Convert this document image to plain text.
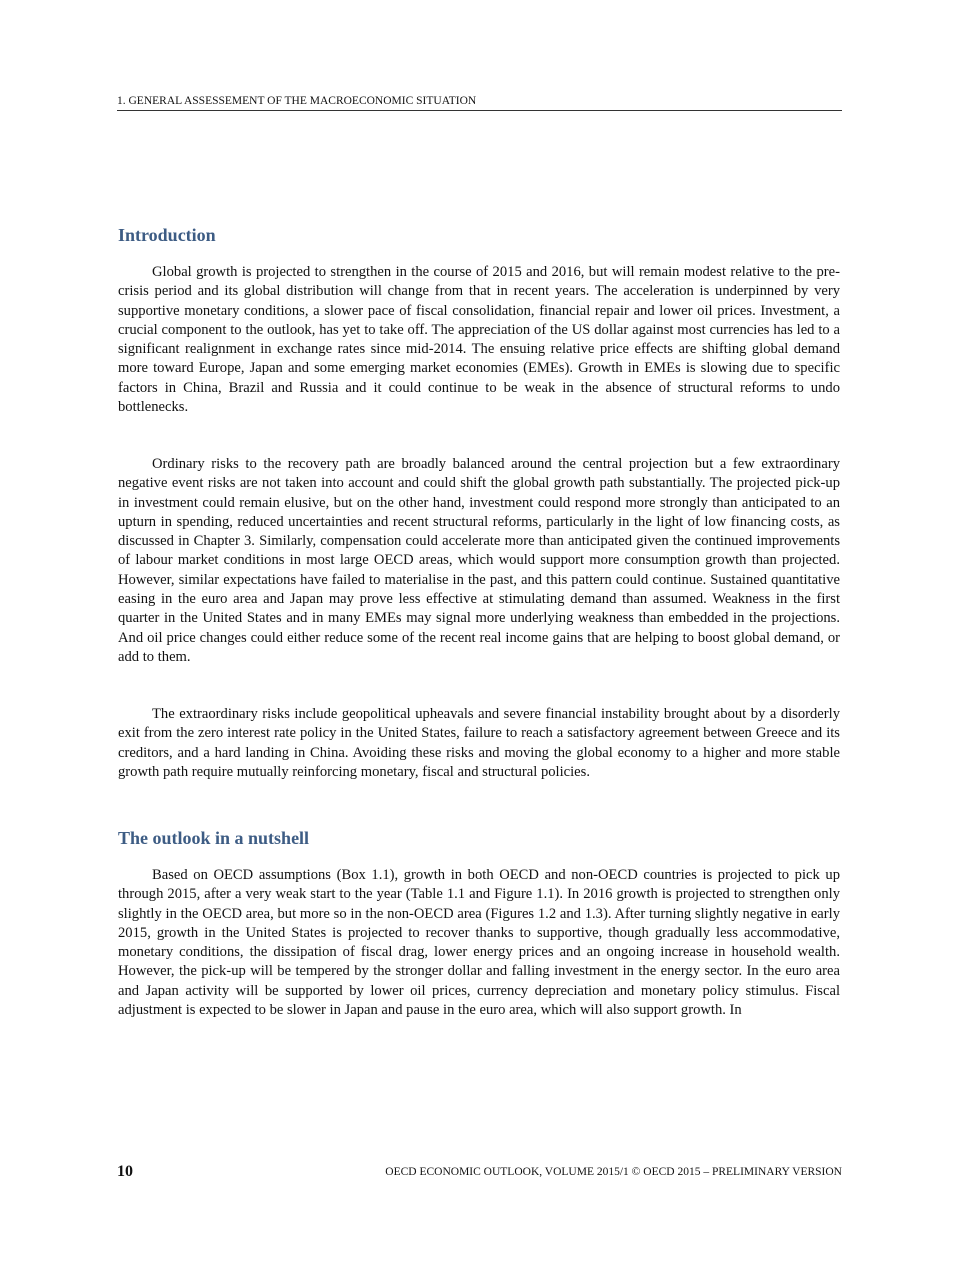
1. GENERAL ASSESSEMENT OF THE MACROECONOMIC SITUATION
Introduction

Global growth is projected to strengthen in the course of 2015 and 2016, but will remain modest relative to the pre-crisis period and its global distribution will change from that in recent years. The acceleration is underpinned by very supportive monetary conditions, a slower pace of fiscal consolidation, financial repair and lower oil prices. Investment, a crucial component to the outlook, has yet to take off. The appreciation of the US dollar against most currencies has led to a significant realignment in exchange rates since mid-2014. The ensuing relative price effects are shifting global demand more toward Europe, Japan and some emerging market economies (EMEs). Growth in EMEs is slowing due to specific factors in China, Brazil and Russia and it could continue to be weak in the absence of structural reforms to undo bottlenecks.

Ordinary risks to the recovery path are broadly balanced around the central projection but a few extraordinary negative event risks are not taken into account and could shift the global growth path substantially. The projected pick-up in investment could remain elusive, but on the other hand, investment could respond more strongly than anticipated to an upturn in spending, reduced uncertainties and recent structural reforms, particularly in the light of low financing costs, as discussed in Chapter 3. Similarly, compensation could accelerate more than anticipated given the continued improvements of labour market conditions in most large OECD areas, which would support more consumption growth than projected. However, similar expectations have failed to materialise in the past, and this pattern could continue. Sustained quantitative easing in the euro area and Japan may prove less effective at stimulating demand than assumed. Weakness in the first quarter in the United States and in many EMEs may signal more underlying weakness than embedded in the projections. And oil price changes could either reduce some of the recent real income gains that are helping to boost global demand, or add to them.

The extraordinary risks include geopolitical upheavals and severe financial instability brought about by a disorderly exit from the zero interest rate policy in the United States, failure to reach a satisfactory agreement between Greece and its creditors, and a hard landing in China. Avoiding these risks and moving the global economy to a higher and more stable growth path require mutually reinforcing monetary, fiscal and structural policies.

The outlook in a nutshell

Based on OECD assumptions (Box 1.1), growth in both OECD and non-OECD countries is projected to pick up through 2015, after a very weak start to the year (Table 1.1 and Figure 1.1). In 2016 growth is projected to strengthen only slightly in the OECD area, but more so in the non-OECD area (Figures 1.2 and 1.3). After turning slightly negative in early 2015, growth in the United States is projected to recover thanks to supportive, though gradually less accommodative, monetary conditions, the dissipation of fiscal drag, lower energy prices and an ongoing increase in household wealth. However, the pick-up will be tempered by the stronger dollar and falling investment in the energy sector. In the euro area and Japan activity will be supported by lower oil prices, currency depreciation and monetary policy stimulus. Fiscal adjustment is expected to be slower in Japan and pause in the euro area, which will also support growth. In

10	OECD ECONOMIC OUTLOOK, VOLUME 2015/1 © OECD 2015 – PRELIMINARY VERSION
